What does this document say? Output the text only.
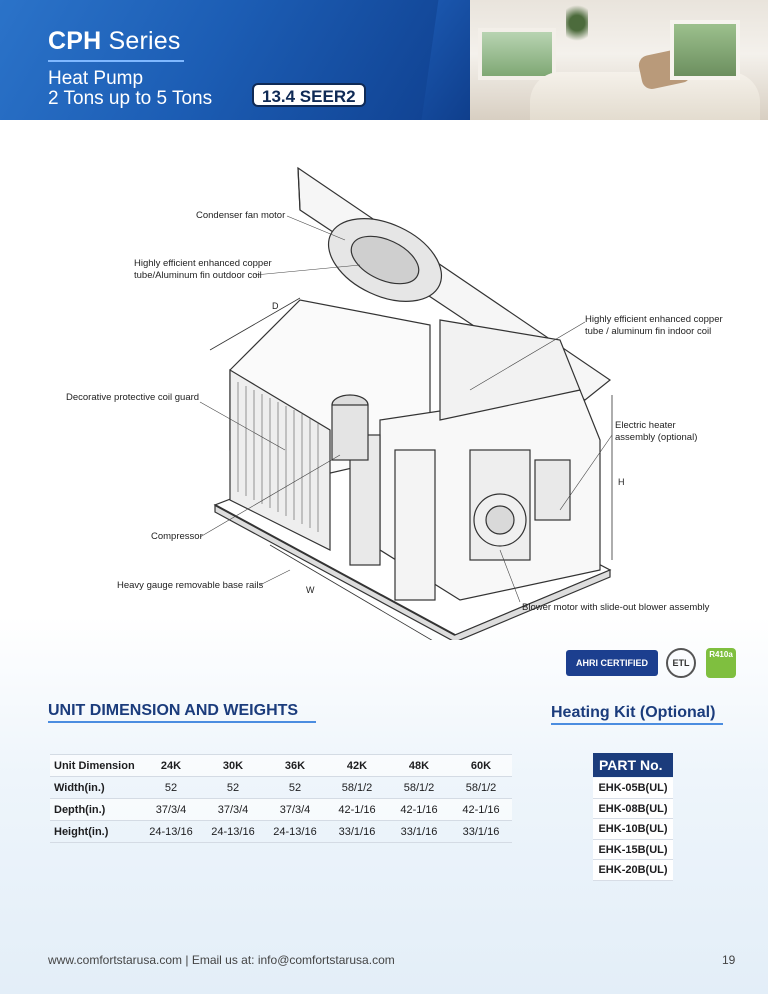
CPH Series
Heat Pump
2 Tons up to 5 Tons	13.4 SEER2
Condenser fan motor
Highly efficient enhanced copper
tube/Aluminum fin outdoor coil
D
Highly efficient enhanced copper
tube / aluminum fin indoor coil
Decorative protective coil guard
Electric heater
assembly (optional)
H
Compressor
Heavy gauge removable base rails	W
Blower motor with slide-out blower assembly
AHRI CERTIFIED	ETL
R410a
UNIT DIMENSION AND WEIGHTS	Heating Kit (Optional)
Unit Dimension	24K	30K	36K	42K	48K	60K
Width(in.)	52	52	52	58/1/2	58/1/2	58/1/2
Depth(in.)	37/3/4	37/3/4	37/3/4	42-1/16	42-1/16	42-1/16
Height(in.)	24-13/16	24-13/16	24-13/16	33/1/16	33/1/16	33/1/16
PART No.
EHK-05B(UL)
EHK-08B(UL)
EHK-10B(UL)
EHK-15B(UL)
EHK-20B(UL)
www.comfortstarusa.com | Email us at: info@comfortstarusa.com	19
